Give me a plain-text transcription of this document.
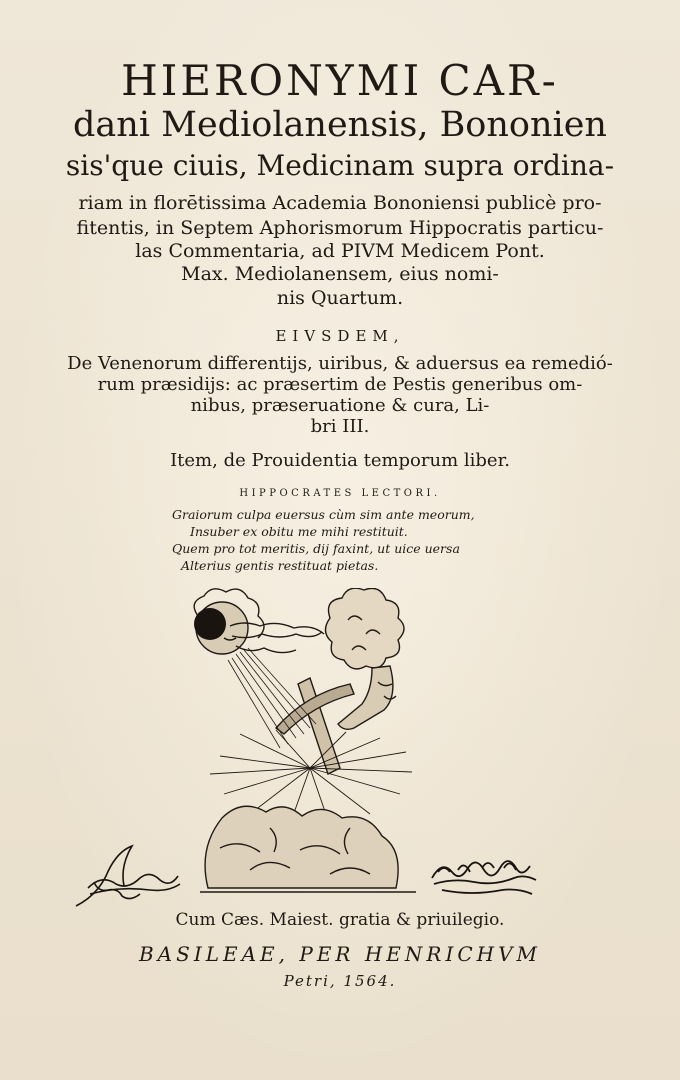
HIERONYMI CAR-
dani Mediolanensis, Bononien
sis'que ciuis, Medicinam supra ordina-
riam in florētissima Academia Bononiensi publicè pro-
fitentis, in Septem Aphorismorum Hippocratis particu-
las Commentaria, ad PIVM Medicem Pont.
Max. Mediolanensem, eius nomi-
nis Quartum.
EIVSDEM,
De Venenorum differentijs, uiribus, & aduersus ea remedió-
rum præsidijs: ac præsertim de Pestis generibus om-
nibus, præseruatione & cura, Li-
bri III.
Item, de Prouidentia temporum liber.
HIPPOCRATES LECTORI.
Graiorum culpa euersus cùm sim ante meorum,
Insuber ex obitu me mihi restituit.
Quem pro tot meritis, dij faxint, ut uice uersa
Alterius gentis restituat pietas.
Cum Cæs. Maiest. gratia & priuilegio.
BASILEAE, PER HENRICHVM
Petri, 1564.
